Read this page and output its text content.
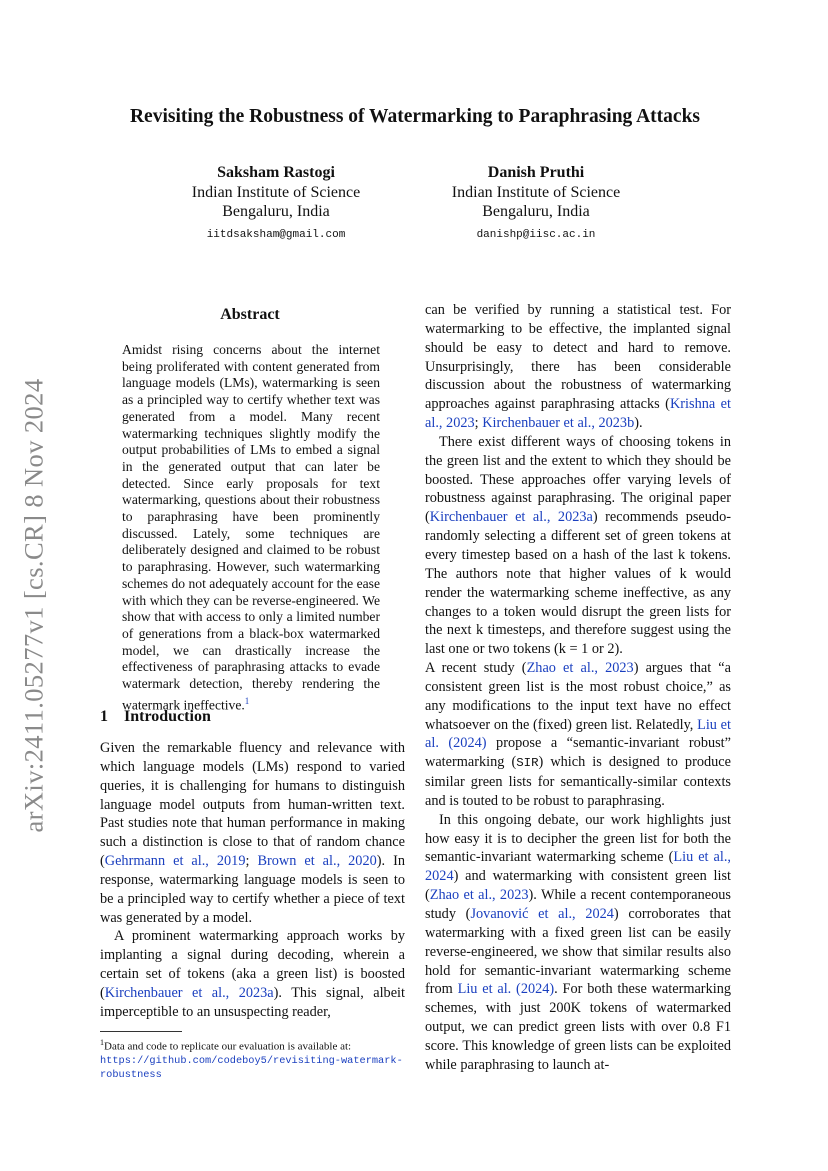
arXiv:2411.05277v1 [cs.CR] 8 Nov 2024
Revisiting the Robustness of Watermarking to Paraphrasing Attacks
Saksham Rastogi
Indian Institute of Science
Bengaluru, India
iitdsaksham@gmail.com
Danish Pruthi
Indian Institute of Science
Bengaluru, India
danishp@iisc.ac.in
Abstract
Amidst rising concerns about the internet being proliferated with content generated from language models (LMs), watermarking is seen as a principled way to certify whether text was generated from a model. Many recent watermarking techniques slightly modify the output probabilities of LMs to embed a signal in the generated output that can later be detected. Since early proposals for text watermarking, questions about their robustness to paraphrasing have been prominently discussed. Lately, some techniques are deliberately designed and claimed to be robust to paraphrasing. However, such watermarking schemes do not adequately account for the ease with which they can be reverse-engineered. We show that with access to only a limited number of generations from a black-box watermarked model, we can drastically increase the effectiveness of paraphrasing attacks to evade watermark detection, thereby rendering the watermark ineffective.$^1$
1 Introduction

Given the remarkable fluency and relevance with which language models (LMs) respond to varied queries, it is challenging for humans to distinguish language model outputs from human-written text. Past studies note that human performance in making such a distinction is close to that of random chance (Gehrmann et al., 2019; Brown et al., 2020). In response, watermarking language models is seen to be a principled way to certify whether a piece of text was generated by a model.

A prominent watermarking approach works by implanting a signal during decoding, wherein a certain set of tokens (aka a green list) is boosted (Kirchenbauer et al., 2023a). This signal, albeit imperceptible to an unsuspecting reader,

$^1$Data and code to replicate our evaluation is available at:
https://github.com/codeboy5/revisiting-watermark-robustness

can be verified by running a statistical test. For watermarking to be effective, the implanted signal should be easy to detect and hard to remove. Unsurprisingly, there has been considerable discussion about the robustness of watermarking approaches against paraphrasing attacks (Krishna et al., 2023; Kirchenbauer et al., 2023b).

There exist different ways of choosing tokens in the green list and the extent to which they should be boosted. These approaches offer varying levels of robustness against paraphrasing. The original paper (Kirchenbauer et al., 2023a) recommends pseudo-randomly selecting a different set of green tokens at every timestep based on a hash of the last k tokens. The authors note that higher values of k would render the watermarking scheme ineffective, as any changes to a token would disrupt the green lists for the next k timesteps, and therefore suggest using the last one or two tokens (k = 1 or 2).

A recent study (Zhao et al., 2023) argues that “a consistent green list is the most robust choice,” as any modifications to the input text have no effect whatsoever on the (fixed) green list. Relatedly, Liu et al. (2024) propose a “semantic-invariant robust” watermarking (SIR) which is designed to produce similar green lists for semantically-similar contexts and is touted to be robust to paraphrasing.

In this ongoing debate, our work highlights just how easy it is to decipher the green list for both the semantic-invariant watermarking scheme (Liu et al., 2024) and watermarking with consistent green list (Zhao et al., 2023). While a recent contemporaneous study (Jovanović et al., 2024) corroborates that watermarking with a fixed green list can be easily reverse-engineered, we show that similar results also hold for semantic-invariant watermarking scheme from Liu et al. (2024). For both these watermarking schemes, with just 200K tokens of watermarked output, we can predict green lists with over 0.8 F1 score. This knowledge of green lists can be exploited while paraphrasing to launch at-
